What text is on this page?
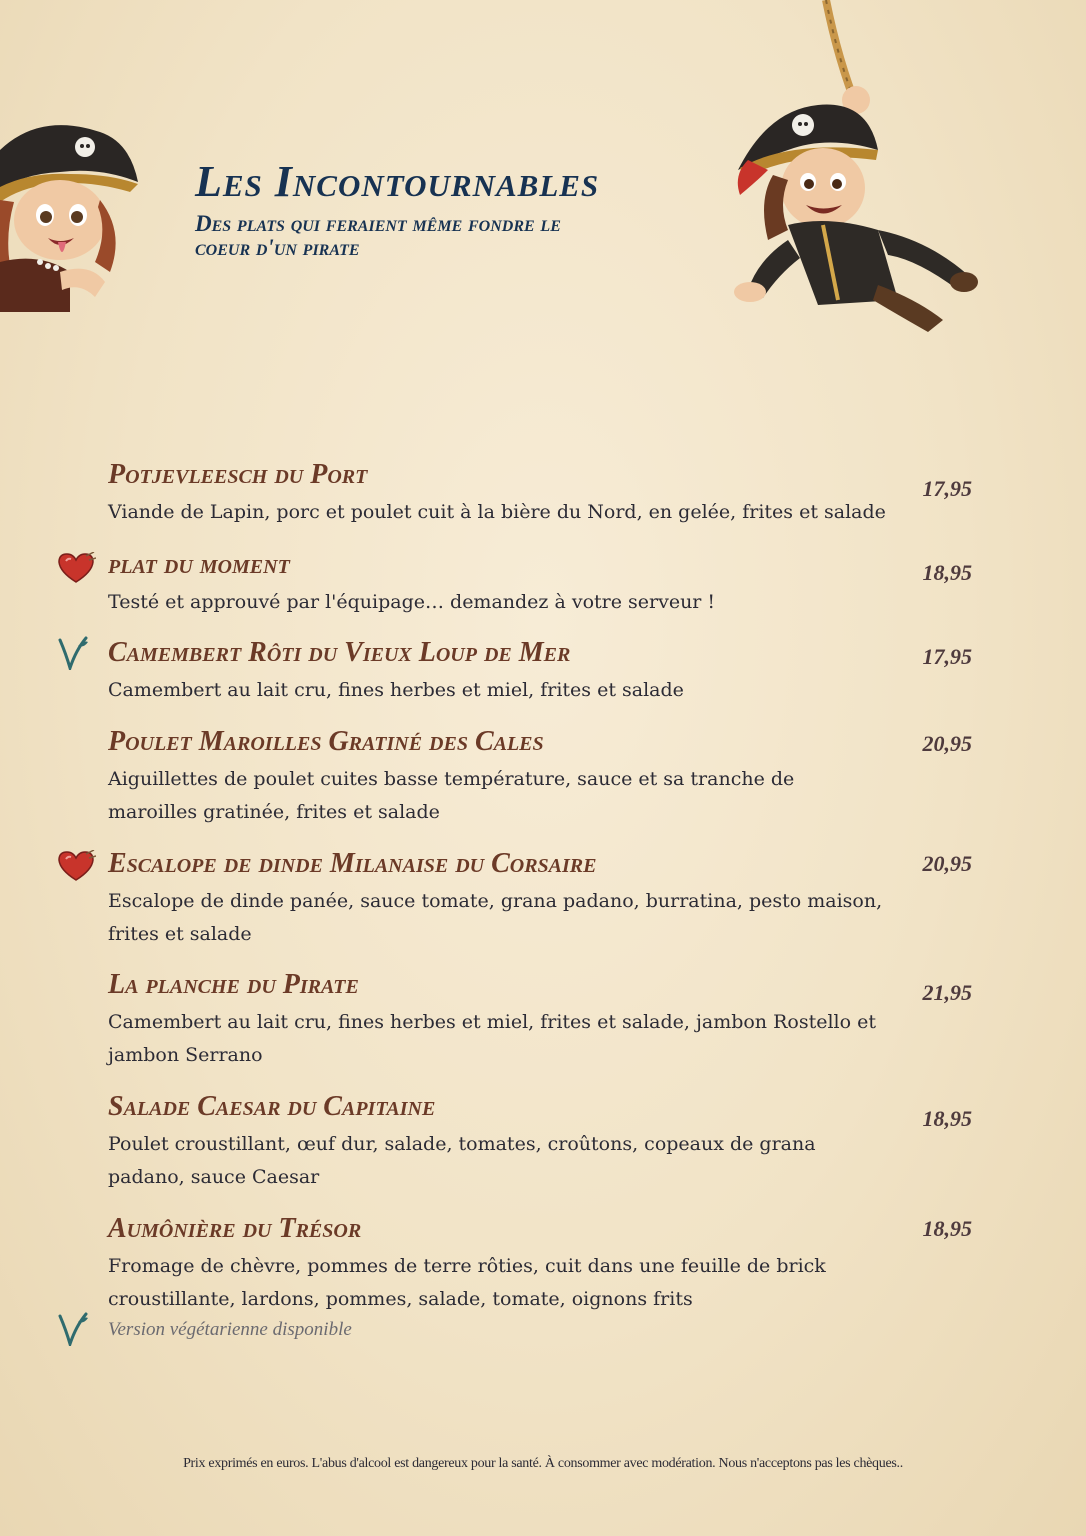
Les Incontournables

Des plats qui feraient même fondre le coeur d'un pirate

Potjevleesch du Port
Viande de Lapin, porc et poulet cuit à la bière du Nord, en gelée, frites et salade
17,95
plat du moment
Testé et approuvé par l'équipage… demandez à votre serveur !
18,95
Camembert Rôti du Vieux Loup de Mer
Camembert au lait cru, fines herbes et miel, frites et salade
17,95
Poulet Maroilles Gratiné des Cales
Aiguillettes de poulet cuites basse température, sauce et sa tranche de maroilles gratinée, frites et salade
20,95
Escalope de dinde Milanaise du Corsaire
Escalope de dinde panée, sauce tomate, grana padano, burratina, pesto maison, frites et salade
20,95
La planche du Pirate
Camembert au lait cru, fines herbes et miel, frites et salade, jambon Rostello et jambon Serrano
21,95
Salade Caesar du Capitaine
Poulet croustillant, œuf dur, salade, tomates, croûtons, copeaux de grana padano, sauce Caesar
18,95
Aumônière du Trésor
Fromage de chèvre, pommes de terre rôties, cuit dans une feuille de brick croustillante, lardons, pommes, salade, tomate, oignons frits
Version végétarienne disponible
18,95
Prix exprimés en euros. L'abus d'alcool est dangereux pour la santé. À consommer avec modération. Nous n'acceptons pas les chèques..
